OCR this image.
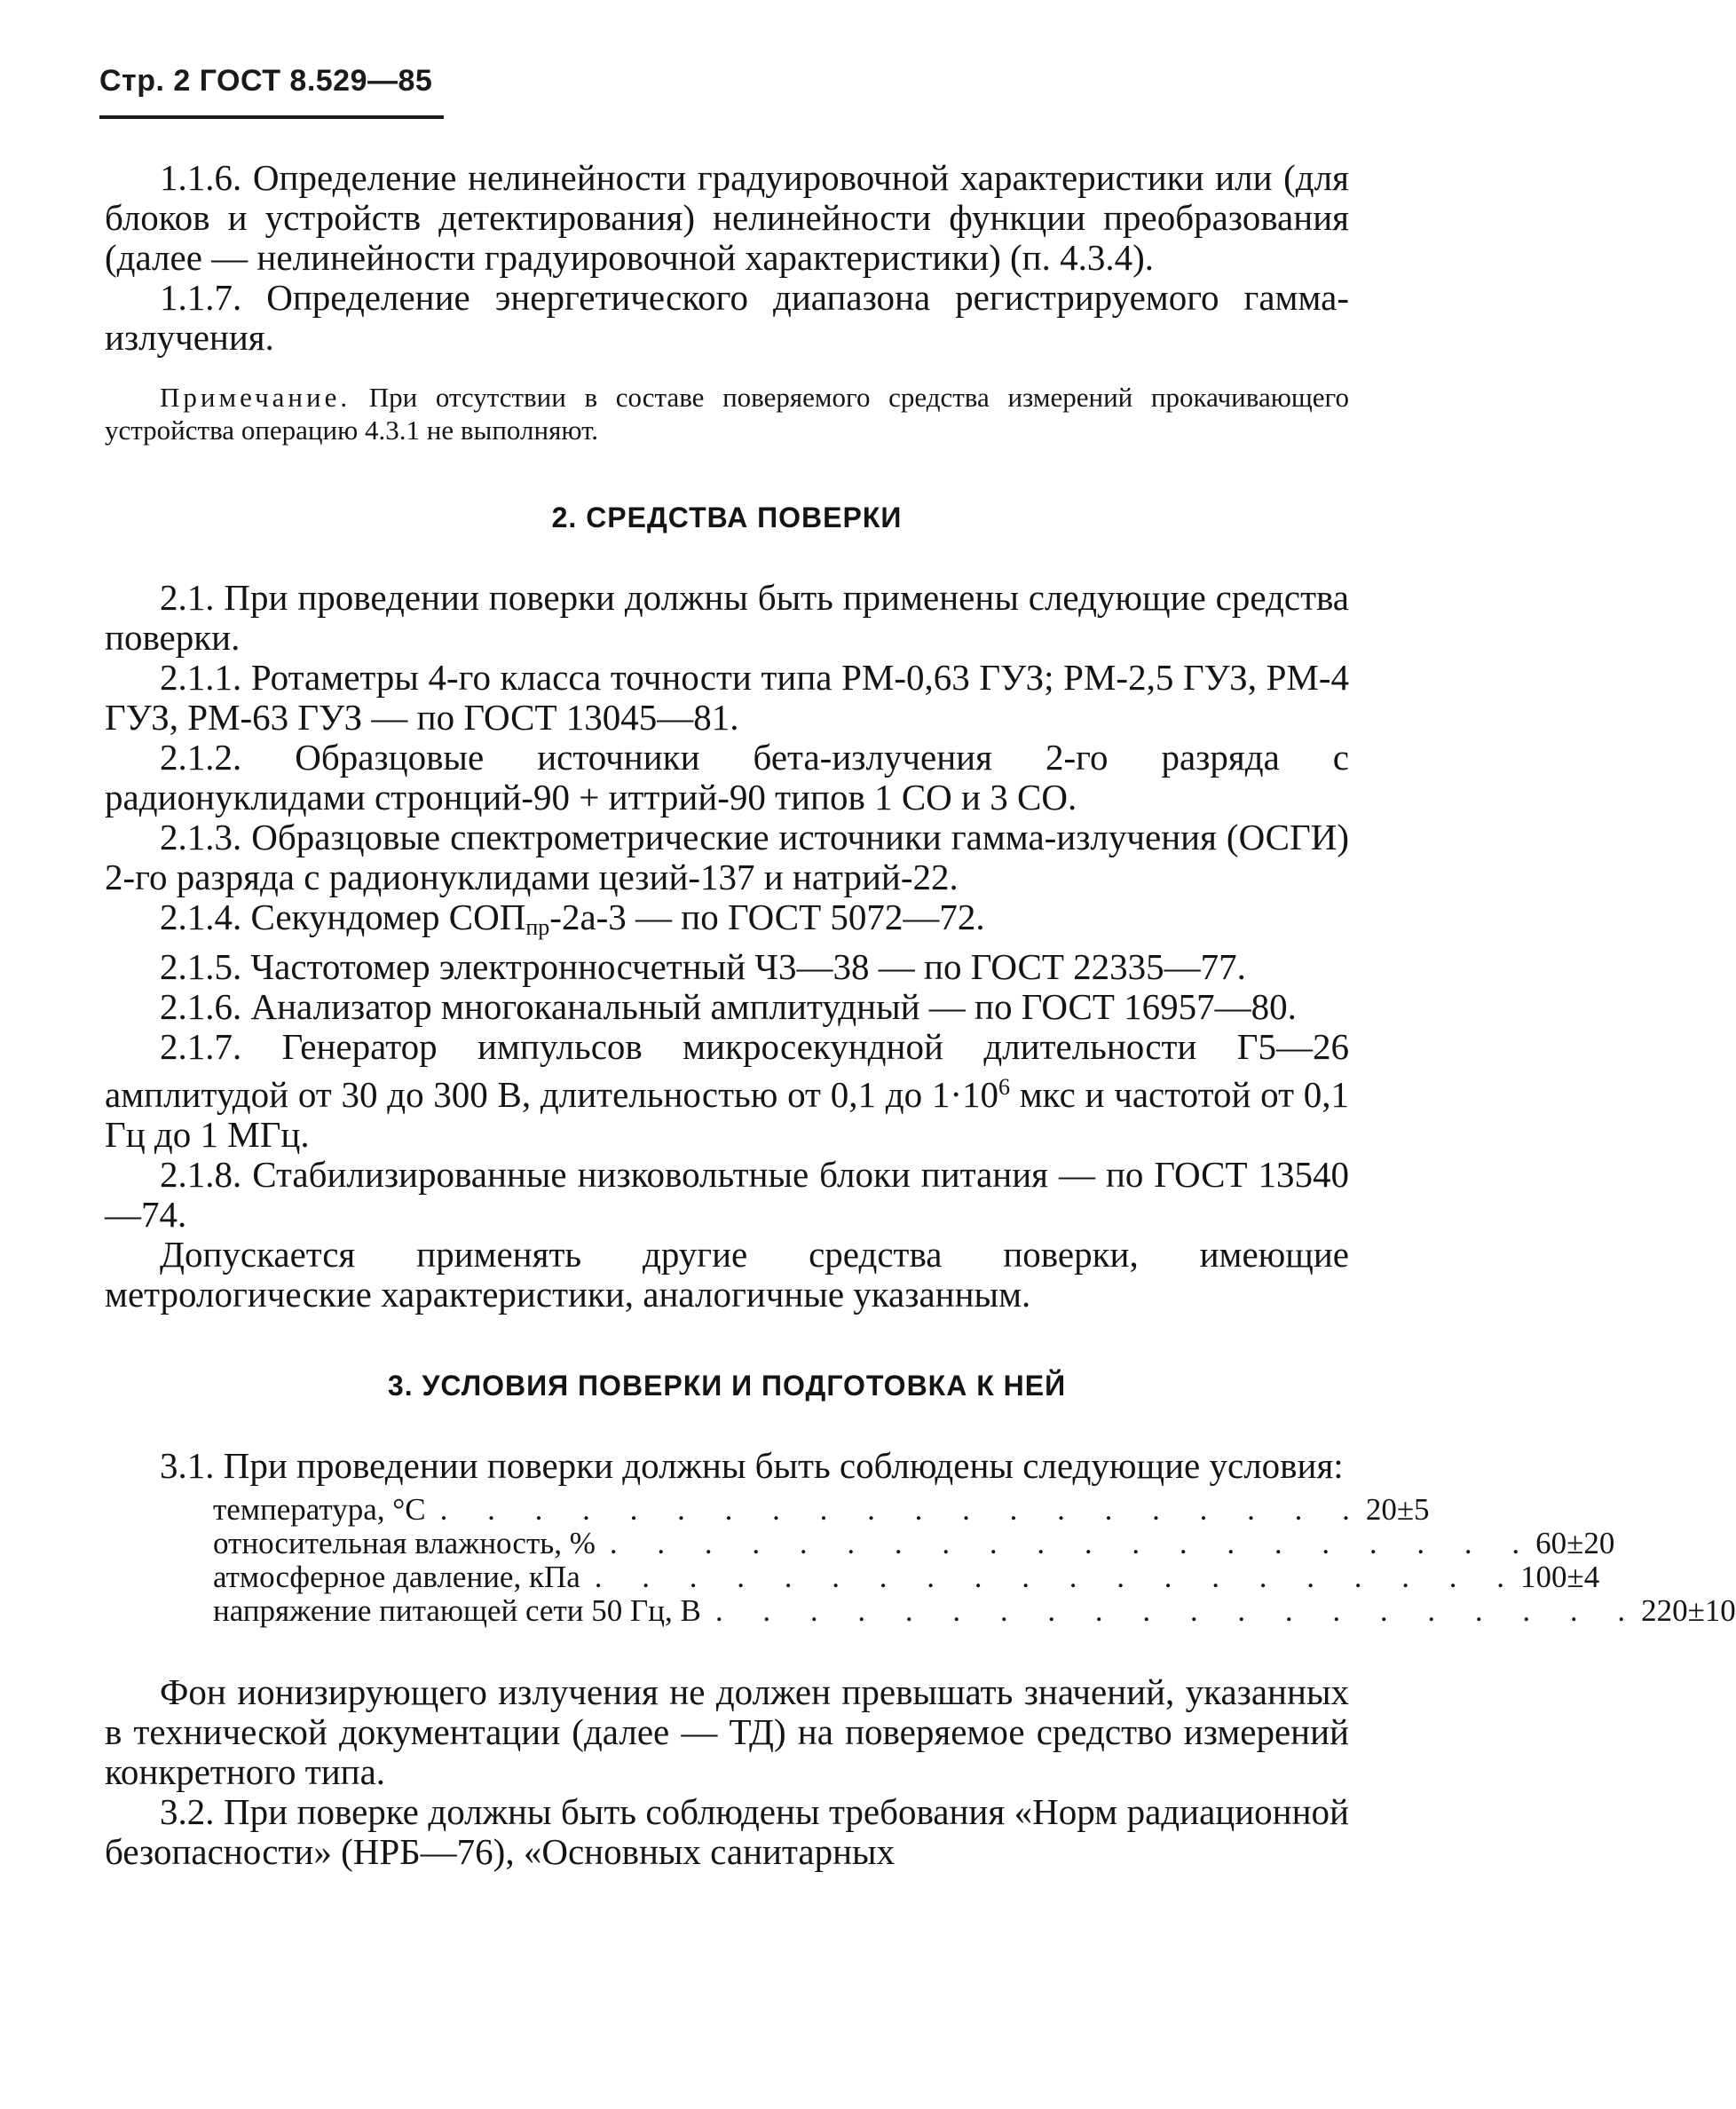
Стр. 2 ГОСТ 8.529—85

1.1.6. Определение нелинейности градуировочной характеристики или (для блоков и устройств детектирования) нелинейности функции преобразования (далее — нелинейности градуировочной характеристики) (п. 4.3.4).

1.1.7. Определение энергетического диапазона регистрируемого гамма-излучения.

Примечание. При отсутствии в составе поверяемого средства измерений прокачивающего устройства операцию 4.3.1 не выполняют.

2. СРЕДСТВА ПОВЕРКИ

2.1. При проведении поверки должны быть применены следующие средства поверки.

2.1.1. Ротаметры 4-го класса точности типа РМ-0,63 ГУЗ; РМ-2,5 ГУЗ, РМ-4 ГУЗ, РМ-63 ГУЗ — по ГОСТ 13045—81.

2.1.2. Образцовые источники бета-излучения 2-го разряда с радионуклидами стронций-90 + иттрий-90 типов 1 СО и 3 СО.

2.1.3. Образцовые спектрометрические источники гамма-излучения (ОСГИ) 2-го разряда с радионуклидами цезий-137 и натрий-22.

2.1.4. Секундомер $СОП_{пр}-2а-3$ — по ГОСТ 5072—72.

2.1.5. Частотомер электронносчетный Ч3—38 — по ГОСТ 22335—77.

2.1.6. Анализатор многоканальный амплитудный — по ГОСТ 16957—80.

2.1.7. Генератор импульсов микросекундной длительности Г5—26 амплитудой от 30 до 300 В, длительностью от 0,1 до $1\cdot 10^6$ мкс и частотой от 0,1 Гц до 1 МГц.

2.1.8. Стабилизированные низковольтные блоки питания — по ГОСТ 13540—74.

Допускается применять другие средства поверки, имеющие метрологические характеристики, аналогичные указанным.

3. УСЛОВИЯ ПОВЕРКИ И ПОДГОТОВКА К НЕЙ

3.1. При проведении поверки должны быть соблюдены следующие условия:

температура, °С . . . . . . . . . . . . . . . . . . . . 20±5
относительная влажность, % . . . . . . . . . . . . . . . . . . . . 60±20
атмосферное давление, кПа . . . . . . . . . . . . . . . . . . . . 100±4
напряжение питающей сети 50 Гц, В . . . . . . . . . . . . . . . . . . . . 220±10

Фон ионизирующего излучения не должен превышать значений, указанных в технической документации (далее — ТД) на поверяемое средство измерений конкретного типа.

3.2. При поверке должны быть соблюдены требования «Норм радиационной безопасности» (НРБ—76), «Основных санитарных
